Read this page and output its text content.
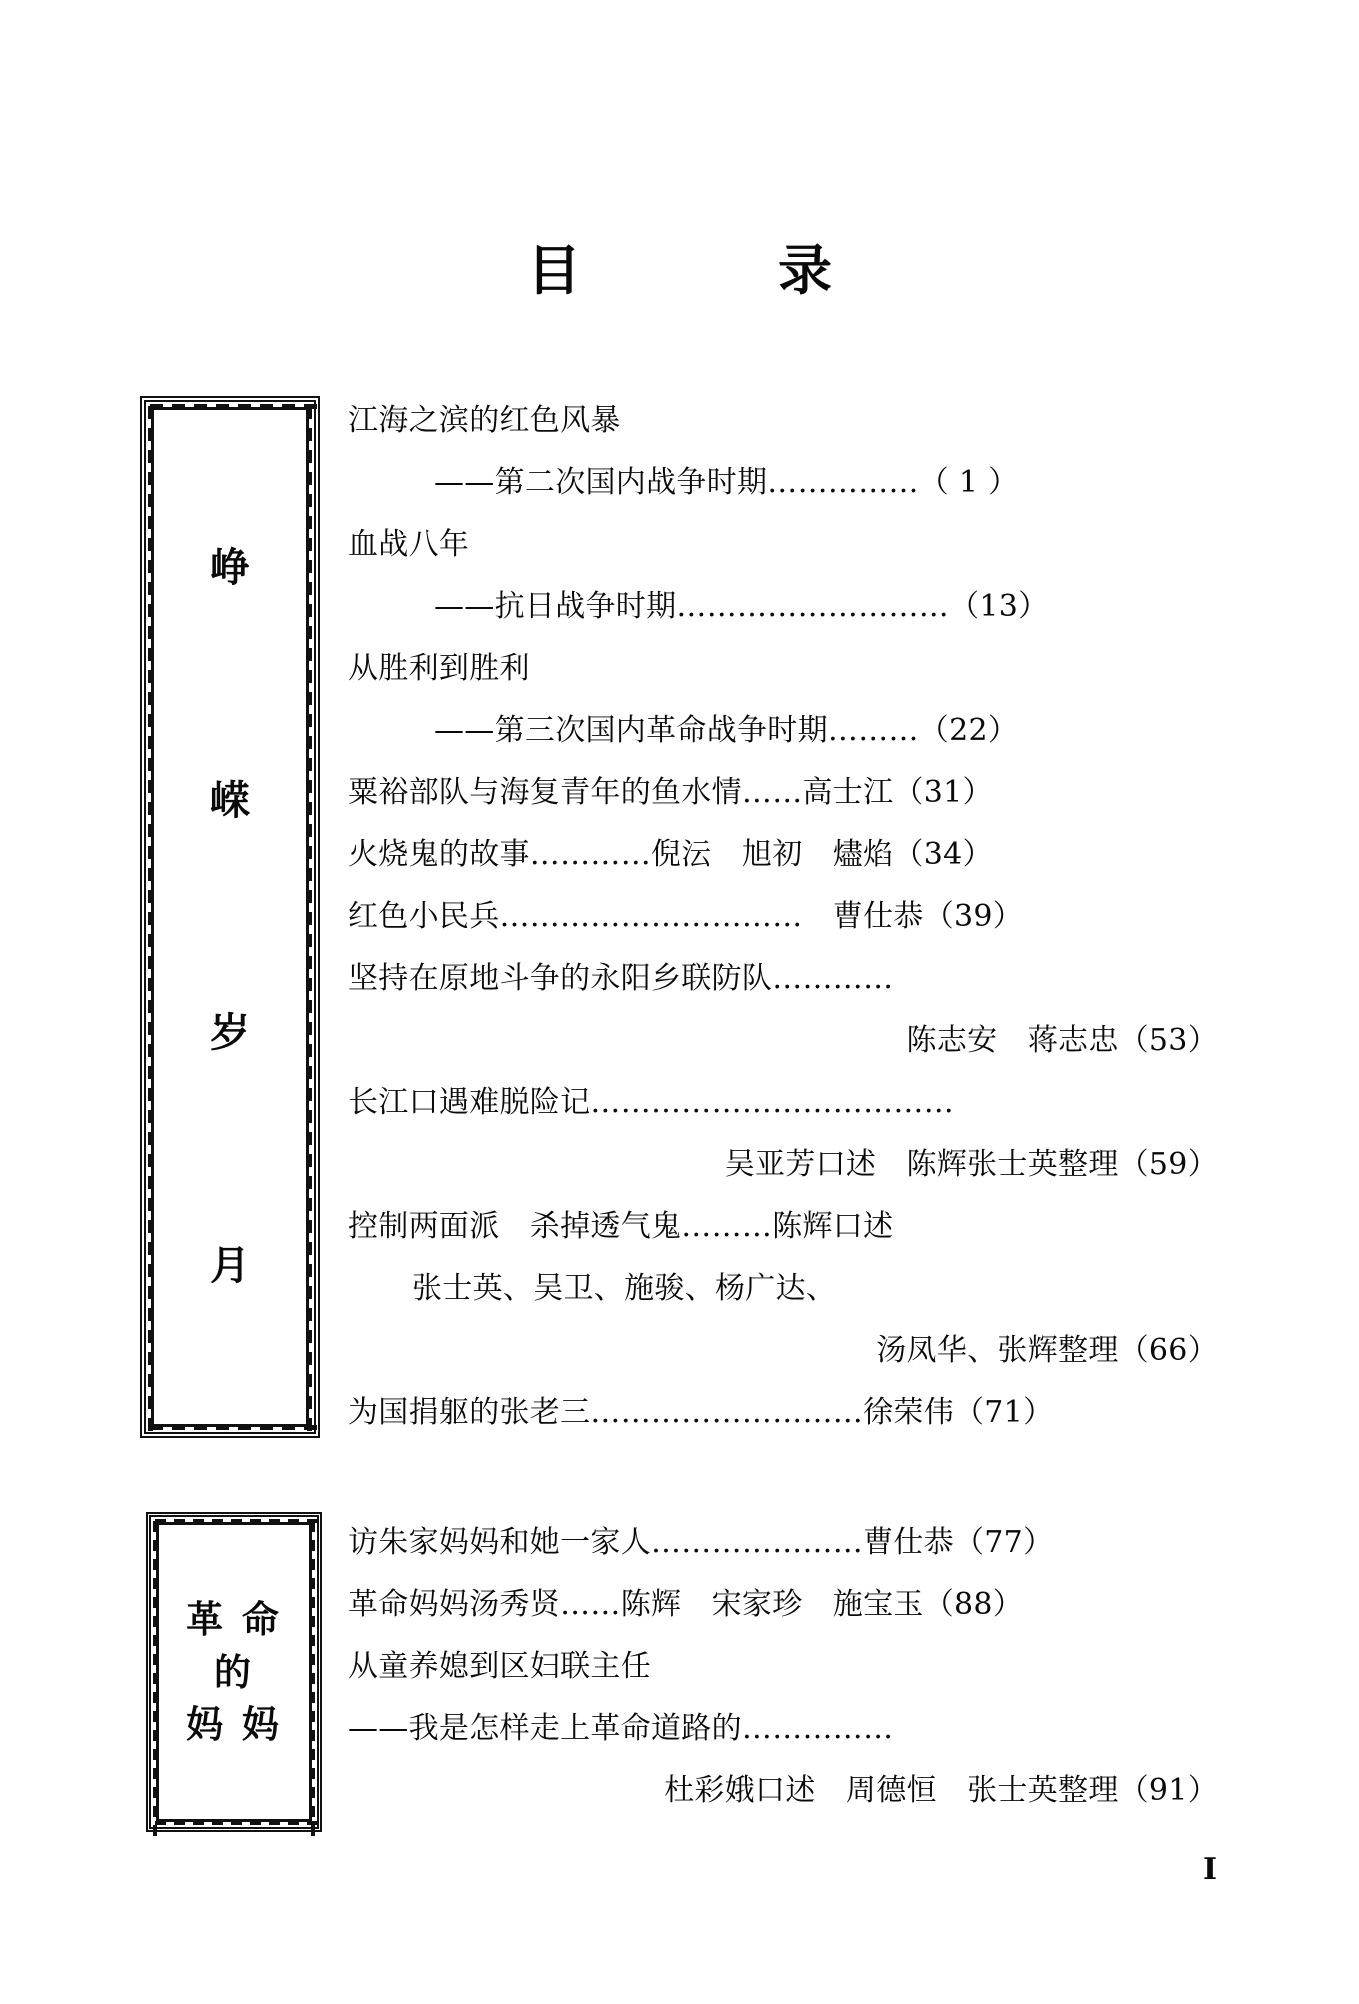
目　　录
峥
嵘
岁
月
江海之滨的红色风暴
——第二次国内战争时期……………（ 1 ）
血战八年
——抗日战争时期………………………（13）
从胜利到胜利
——第三次国内革命战争时期………（22）
粟裕部队与海复青年的鱼水情……高士江（31）
火烧鬼的故事…………倪沄　旭初　燼焰（34）
红色小民兵…………………………　曹仕恭（39）
坚持在原地斗争的永阳乡联防队…………
陈志安　蒋志忠（53）
长江口遇难脱险记………………………………
吴亚芳口述　陈辉张士英整理（59）
控制两面派　杀掉透气鬼………陈辉口述
张士英、吴卫、施骏、杨广达、
汤凤华、张辉整理（66）
为国捐躯的张老三………………………徐荣伟（71）
革 命
的
妈 妈
访朱家妈妈和她一家人…………………曹仕恭（77）
革命妈妈汤秀贤……陈辉　宋家珍　施宝玉（88）
从童养媳到区妇联主任
——我是怎样走上革命道路的……………
杜彩娥口述　周德恒　张士英整理（91）
I
